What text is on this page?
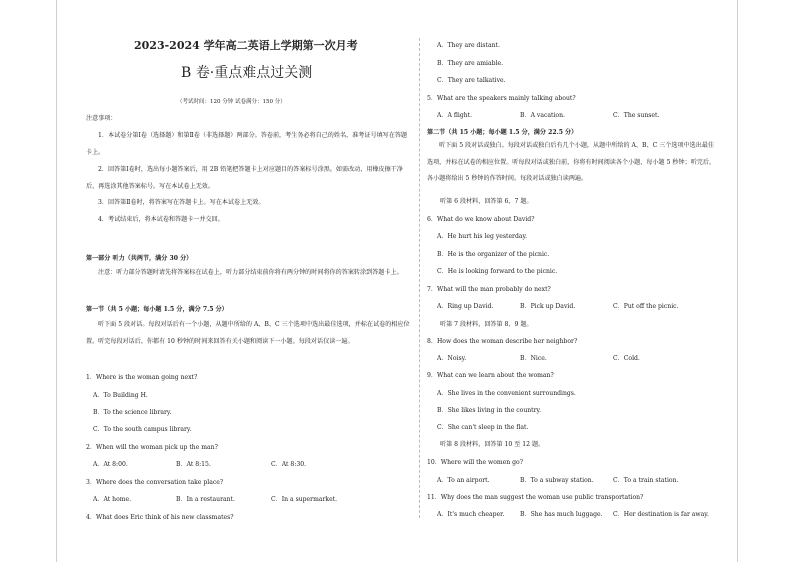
2023-2024 学年高二英语上学期第一次月考
B 卷·重点难点过关测
（考试时间：120 分钟 试卷满分：150 分）
注意事项：
1．本试卷分第Ⅰ卷（选择题）和第Ⅱ卷（非选择题）两部分。答卷前，考生务必将自己的姓名、准考证号填写在答题卡上。
2．回答第Ⅰ卷时，选出每小题答案后，用 2B 铅笔把答题卡上对应题目的答案标号涂黑。如需改动，用橡皮擦干净后，再选涂其他答案标号。写在本试卷上无效。
3．回答第Ⅱ卷时，将答案写在答题卡上。写在本试卷上无效。
4．考试结束后，将本试卷和答题卡一并交回。
第一部分 听力（共两节，满分 30 分）
注意：听力部分答题时请先将答案标在试卷上，听力部分结束前你将有两分钟的时间将你的答案转涂到答题卡上。
第一节（共 5 小题；每小题 1.5 分，满分 7.5 分）
听下面 5 段对话。每段对话后有一个小题，从题中所给的 A、B、C 三个选项中选出最佳选项，并标在试卷的相应位置。听完每段对话后，你都有 10 秒钟的时间来回答有关小题和阅读下一小题。每段对话仅读一遍。
1．Where is the woman going next?
A．To Building H.
B．To the science library.
C．To the south campus library.
2．When will the woman pick up the man?
A．At 8:00.	B．At 8:15.	C．At 8:30.
3．Where does the conversation take place?
A．At home.	B．In a restaurant.	C．In a supermarket.
4．What does Eric think of his new classmates?
A．They are distant.
B．They are amiable.
C．They are talkative.
5．What are the speakers mainly talking about?
A．A flight.	B．A vacation.	C．The sunset.
第二节（共 15 小题；每小题 1.5 分，满分 22.5 分）
听下面 5 段对话或独白。每段对话或独白后有几个小题，从题中所给的 A、B、C 三个选项中选出最佳选项，并标在试卷的相应位置。听每段对话或独白前，你将有时间阅读各个小题，每小题 5 秒钟；听完后，各小题将给出 5 秒钟的作答时间。每段对话或独白读两遍。
听第 6 段材料，回答第 6、7 题。
6．What do we know about David?
A．He hurt his leg yesterday.
B．He is the organizer of the picnic.
C．He is looking forward to the picnic.
7．What will the man probably do next?
A．Ring up David.	B．Pick up David.	C．Put off the picnic.
听第 7 段材料，回答第 8、9 题。
8．How does the woman describe her neighbor?
A．Noisy.	B．Nice.	C．Cold.
9．What can we learn about the woman?
A．She lives in the convenient surroundings.
B．She likes living in the country.
C．She can't sleep in the flat.
听第 8 段材料，回答第 10 至 12 题。
10．Where will the women go?
A．To an airport.	B．To a subway station.	C．To a train station.
11．Why does the man suggest the woman use public transportation?
A．It's much cheaper.	B．She has much luggage. C．Her destination is far away.
